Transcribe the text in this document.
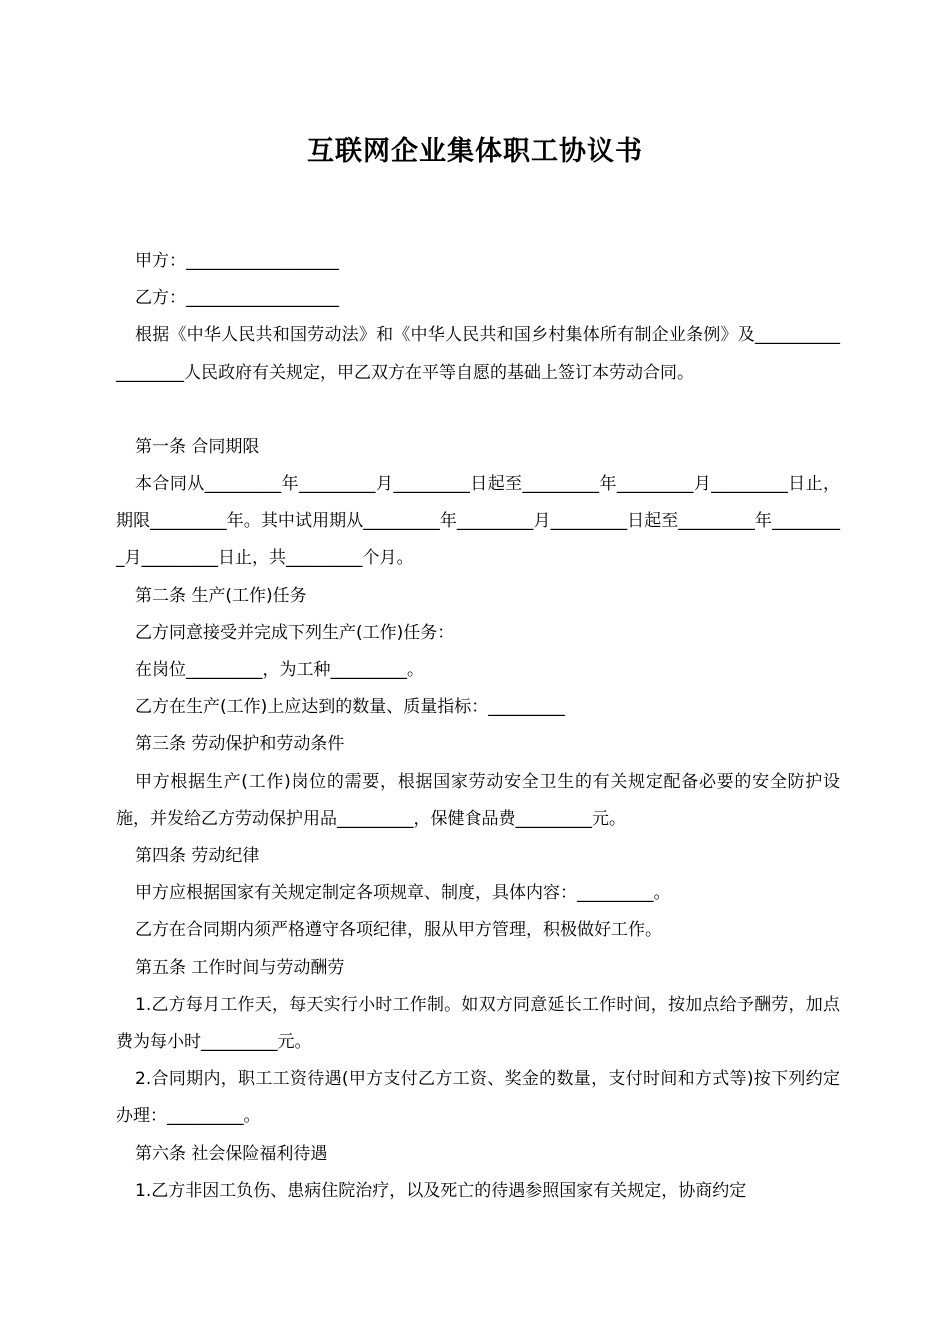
互联网企业集体职工协议书

甲方：__________________

乙方：__________________

根据《中华人民共和国劳动法》和《中华人民共和国乡村集体所有制企业条例》及__________________人民政府有关规定，甲乙双方在平等自愿的基础上签订本劳动合同。

第一条 合同期限

本合同从_________年_________月_________日起至_________年_________月_________日止，期限_________年。其中试用期从_________年_________月_________日起至_________年_________月_________日止，共_________个月。

第二条 生产(工作)任务

乙方同意接受并完成下列生产(工作)任务：

在岗位_________，为工种_________。

乙方在生产(工作)上应达到的数量、质量指标：_________

第三条 劳动保护和劳动条件

甲方根据生产(工作)岗位的需要，根据国家劳动安全卫生的有关规定配备必要的安全防护设施，并发给乙方劳动保护用品_________，保健食品费_________元。

第四条 劳动纪律

甲方应根据国家有关规定制定各项规章、制度，具体内容：_________。

乙方在合同期内须严格遵守各项纪律，服从甲方管理，积极做好工作。

第五条 工作时间与劳动酬劳

1.乙方每月工作天，每天实行小时工作制。如双方同意延长工作时间，按加点给予酬劳，加点费为每小时_________元。

2.合同期内，职工工资待遇(甲方支付乙方工资、奖金的数量，支付时间和方式等)按下列约定办理：_________。

第六条 社会保险福利待遇

1.乙方非因工负伤、患病住院治疗，以及死亡的待遇参照国家有关规定，协商约定
